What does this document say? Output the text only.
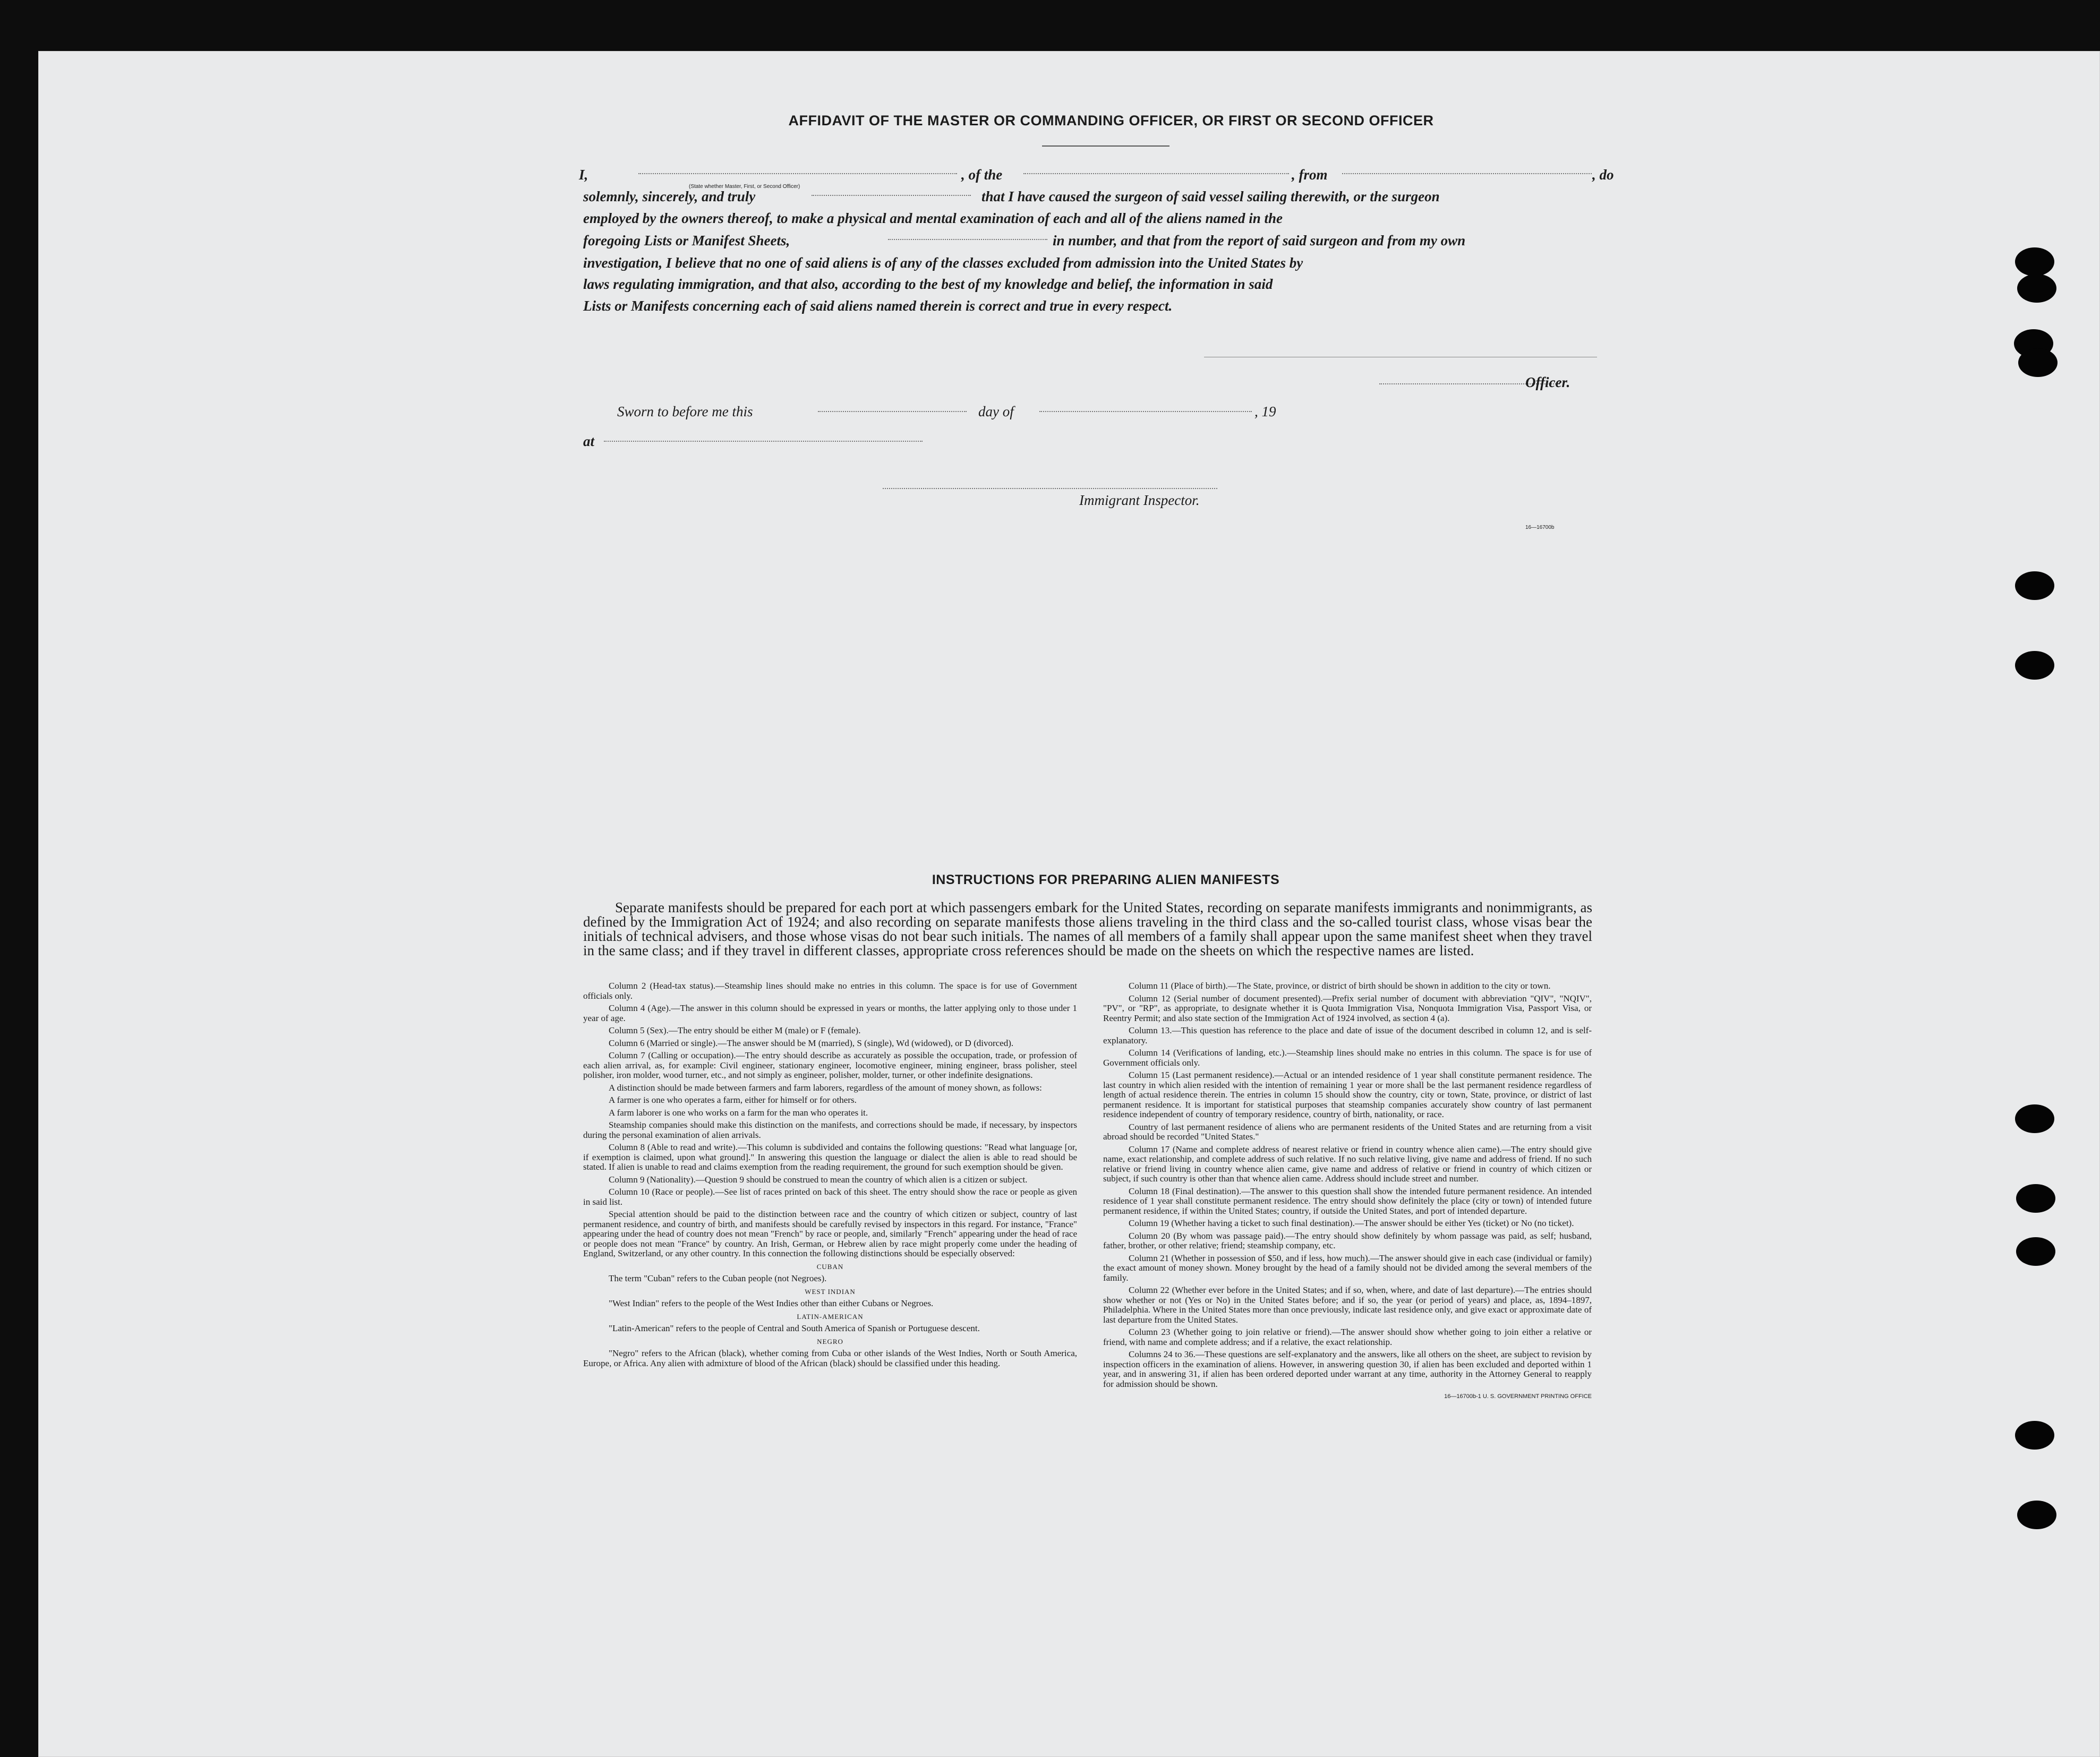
AFFIDAVIT OF THE MASTER OR COMMANDING OFFICER, OR FIRST OR SECOND OFFICER
I,
(State whether Master, First, or Second Officer)
, of the	, from	, do
solemnly, sincerely, and truly	that I have caused the surgeon of said vessel sailing therewith, or the surgeon
employed by the owners thereof, to make a physical and mental examination of each and all of the aliens named in the
foregoing Lists or Manifest Sheets,	in number, and that from the report of said surgeon and from my own
investigation, I believe that no one of said aliens is of any of the classes excluded from admission into the United States by
laws regulating immigration, and that also, according to the best of my knowledge and belief, the information in said
Lists or Manifests concerning each of said aliens named therein is correct and true in every respect.
Officer.
Sworn to before me this	day of	, 19
at
Immigrant Inspector.
16—16700b
INSTRUCTIONS FOR PREPARING ALIEN MANIFESTS
Separate manifests should be prepared for each port at which passengers embark for the United States, recording on separate manifests immigrants and nonimmigrants, as defined by the Immigration Act of 1924; and also recording on separate manifests those aliens traveling in the third class and the so-called tourist class, whose visas bear the initials of technical advisers, and those whose visas do not bear such initials. The names of all members of a family shall appear upon the same manifest sheet when they travel in the same class; and if they travel in different classes, appropriate cross references should be made on the sheets on which the respective names are listed.

Column 2 (Head-tax status).—Steamship lines should make no entries in this column. The space is for use of Government officials only.

Column 4 (Age).—The answer in this column should be expressed in years or months, the latter applying only to those under 1 year of age.

Column 5 (Sex).—The entry should be either M (male) or F (female).

Column 6 (Married or single).—The answer should be M (married), S (single), Wd (widowed), or D (divorced).

Column 7 (Calling or occupation).—The entry should describe as accurately as possible the occupation, trade, or profession of each alien arrival, as, for example: Civil engineer, stationary engineer, locomotive engineer, mining engineer, brass polisher, steel polisher, iron molder, wood turner, etc., and not simply as engineer, polisher, molder, turner, or other indefinite designations.

A distinction should be made between farmers and farm laborers, regardless of the amount of money shown, as follows:

A farmer is one who operates a farm, either for himself or for others.

A farm laborer is one who works on a farm for the man who operates it.

Steamship companies should make this distinction on the manifests, and corrections should be made, if necessary, by inspectors during the personal examination of alien arrivals.

Column 8 (Able to read and write).—This column is subdivided and contains the following questions: "Read what language [or, if exemption is claimed, upon what ground]." In answering this question the language or dialect the alien is able to read should be stated. If alien is unable to read and claims exemption from the reading requirement, the ground for such exemption should be given.

Column 9 (Nationality).—Question 9 should be construed to mean the country of which alien is a citizen or subject.

Column 10 (Race or people).—See list of races printed on back of this sheet. The entry should show the race or people as given in said list.

Special attention should be paid to the distinction between race and the country of which citizen or subject, country of last permanent residence, and country of birth, and manifests should be carefully revised by inspectors in this regard. For instance, "France" appearing under the head of country does not mean "French" by race or people, and, similarly "French" appearing under the head of race or people does not mean "France" by country. An Irish, German, or Hebrew alien by race might properly come under the heading of England, Switzerland, or any other country. In this connection the following distinctions should be especially observed:

CUBAN

The term "Cuban" refers to the Cuban people (not Negroes).

WEST INDIAN

"West Indian" refers to the people of the West Indies other than either Cubans or Negroes.

LATIN-AMERICAN

"Latin-American" refers to the people of Central and South America of Spanish or Portuguese descent.

NEGRO

"Negro" refers to the African (black), whether coming from Cuba or other islands of the West Indies, North or South America, Europe, or Africa. Any alien with admixture of blood of the African (black) should be classified under this heading.

Column 11 (Place of birth).—The State, province, or district of birth should be shown in addition to the city or town.

Column 12 (Serial number of document presented).—Prefix serial number of document with abbreviation "QIV", "NQIV", "PV", or "RP", as appropriate, to designate whether it is Quota Immigration Visa, Nonquota Immigration Visa, Passport Visa, or Reentry Permit; and also state section of the Immigration Act of 1924 involved, as section 4 (a).

Column 13.—This question has reference to the place and date of issue of the document described in column 12, and is self-explanatory.

Column 14 (Verifications of landing, etc.).—Steamship lines should make no entries in this column. The space is for use of Government officials only.

Column 15 (Last permanent residence).—Actual or an intended residence of 1 year shall constitute permanent residence. The last country in which alien resided with the intention of remaining 1 year or more shall be the last permanent residence regardless of length of actual residence therein. The entries in column 15 should show the country, city or town, State, province, or district of last permanent residence. It is important for statistical purposes that steamship companies accurately show country of last permanent residence independent of country of temporary residence, country of birth, nationality, or race.

Country of last permanent residence of aliens who are permanent residents of the United States and are returning from a visit abroad should be recorded "United States."

Column 17 (Name and complete address of nearest relative or friend in country whence alien came).—The entry should give name, exact relationship, and complete address of such relative. If no such relative living, give name and address of friend. If no such relative or friend living in country whence alien came, give name and address of relative or friend in country of which citizen or subject, if such country is other than that whence alien came. Address should include street and number.

Column 18 (Final destination).—The answer to this question shall show the intended future permanent residence. An intended residence of 1 year shall constitute permanent residence. The entry should show definitely the place (city or town) of intended future permanent residence, if within the United States; country, if outside the United States, and port of intended departure.

Column 19 (Whether having a ticket to such final destination).—The answer should be either Yes (ticket) or No (no ticket).

Column 20 (By whom was passage paid).—The entry should show definitely by whom passage was paid, as self; husband, father, brother, or other relative; friend; steamship company, etc.

Column 21 (Whether in possession of $50, and if less, how much).—The answer should give in each case (individual or family) the exact amount of money shown. Money brought by the head of a family should not be divided among the several members of the family.

Column 22 (Whether ever before in the United States; and if so, when, where, and date of last departure).—The entries should show whether or not (Yes or No) in the United States before; and if so, the year (or period of years) and place, as, 1894–1897, Philadelphia. Where in the United States more than once previously, indicate last residence only, and give exact or approximate date of last departure from the United States.

Column 23 (Whether going to join relative or friend).—The answer should show whether going to join either a relative or friend, with name and complete address; and if a relative, the exact relationship.

Columns 24 to 36.—These questions are self-explanatory and the answers, like all others on the sheet, are subject to revision by inspection officers in the examination of aliens. However, in answering question 30, if alien has been excluded and deported within 1 year, and in answering 31, if alien has been ordered deported under warrant at any time, authority in the Attorney General to reapply for admission should be shown.

16—16700b-1 U. S. GOVERNMENT PRINTING OFFICE
